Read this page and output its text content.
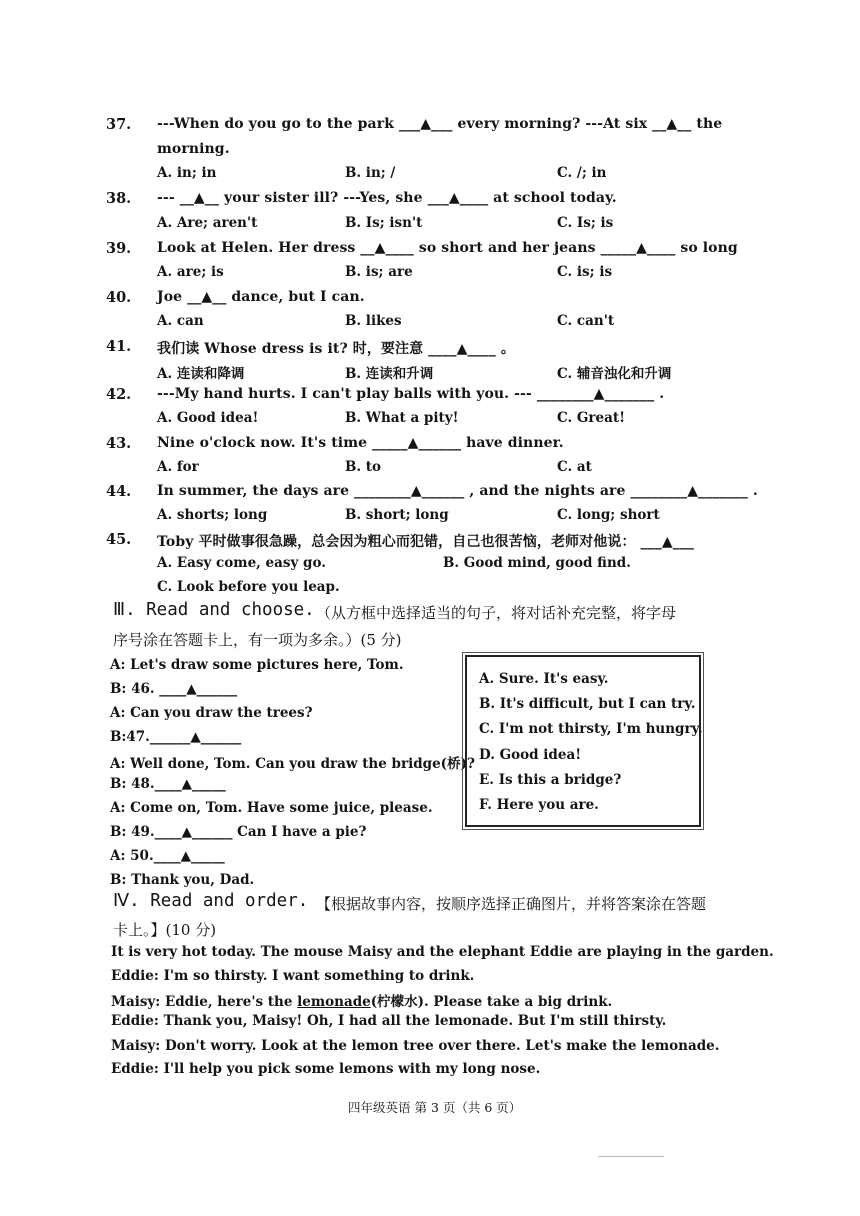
37. ---When do you go to the park ___▲___ every morning? ---At six __▲__ the
morning.
A. in; in	B. in; /	C. /; in
38. --- __▲__ your sister ill? ---Yes, she ___▲____ at school today.
A. Are; aren't	B. Is; isn't	C. Is; is
39. Look at Helen. Her dress __▲____ so short and her jeans _____▲____ so long
A. are; is	B. is; are	C. is; is
40. Joe __▲__ dance, but I can.
A. can	B. likes	C. can't
41. 我们读 Whose dress is it? 时，要注意 ____▲____ 。
A. 连读和降调	B. 连读和升调	C. 辅音浊化和升调
42. ---My hand hurts. I can't play balls with you. --- ________▲_______ .
A. Good idea!	B. What a pity!	C. Great!
43. Nine o'clock now. It's time _____▲______ have dinner.
A. for	B. to	C. at
44. In summer, the days are ________▲______ , and the nights are ________▲_______ .
A. shorts; long	B. short; long	C. long; short
45. Toby 平时做事很急躁，总会因为粗心而犯错，自己也很苦恼，老师对他说： ___▲___
A. Easy come, easy go.	B. Good mind, good find.
C. Look before you leap.
Ⅲ. Read and choose. （从方框中选择适当的句子，将对话补充完整，将字母
序号涂在答题卡上，有一项为多余。）(5 分)
A: Let's draw some pictures here, Tom.
B: 46. ____▲______
A: Can you draw the trees?
B:47.______▲______
A: Well done, Tom. Can you draw the bridge(桥)?
B: 48.____▲_____
A: Come on, Tom. Have some juice, please.
B: 49.____▲______ Can I have a pie?
A: 50.____▲_____
B: Thank you, Dad.
A. Sure. It's easy.
B. It's difficult, but I can try.
C. I'm not thirsty, I'm hungry.
D. Good idea!
E. Is this a bridge?
F. Here you are.
Ⅳ. Read and order. 【根据故事内容，按顺序选择正确图片，并将答案涂在答题
卡上。】(10 分)
It is very hot today. The mouse Maisy and the elephant Eddie are playing in the garden.
Eddie: I'm so thirsty. I want something to drink.
Maisy: Eddie, here's the lemonade(柠檬水). Please take a big drink.
Eddie: Thank you, Maisy! Oh, I had all the lemonade. But I'm still thirsty.
Maisy: Don't worry. Look at the lemon tree over there. Let's make the lemonade.
Eddie: I'll help you pick some lemons with my long nose.
四年级英语 第 3 页（共 6 页）
